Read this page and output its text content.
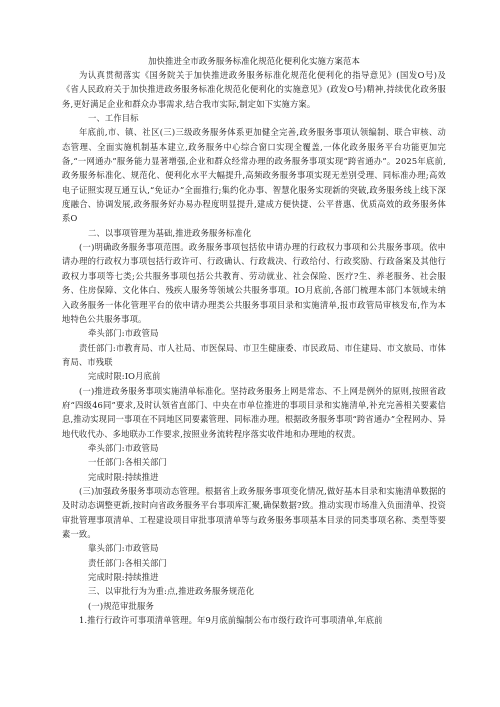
加快推进全市政务服务标准化规范化便利化实施方案范本

为认真贯彻落实《国务院关于加快推进政务服务标准化规范化便利化的指导意见》(国发O号)及《省人民政府关于加快推进政务服务标准化规范化便利化的实施意见》(政发O号)精神,持续优化政务服务,更好满足企业和群众办事需求,结合我市实际,制定如下实施方案。

一、工作目标

年底前,市、镇、社区(三)三级政务服务体系更加健全完善,政务服务事项认领编制、联合审核、动态管理、全面实施机制基本建立,政务服务中心综合窗口实现全覆盖,一体化政务服务平台功能更加完备,“一网通办”服务能力显著增强,企业和群众经常办理的政务服务事项实现“跨省通办”。2025年底前,政务服务标准化、规范化、便利化水平大幅提升,高频政务服务事项实现无差别受理、同标准办理;高效电子证照实现互通互认,“免证办”全面推行;集约化办事、智慧化服务实现新的突破,政务服务线上线下深度融合、协调发展,政务服务好办易办程度明显提升,建成方便快捷、公平普惠、优质高效的政务服务体系O

二、以事项管理为基础,推进政务服务标准化

(一)明确政务服务事项范围。政务服务事项包括依申请办理的行政权力事项和公共服务事项。依申请办理的行政权力事项包括行政许可、行政确认、行政裁决、行政给付、行政奖励、行政备案及其他行政权力事项等七类;公共服务事项包括公共教育、劳动就业、社会保险、医疗?生、养老服务、社会服务、住房保障、文化体白、残疾人服务等领域公共服务事项。IO月底前,各部门梳理本部门本领域未纳入政务服务一体化管理平台的依申请办理类公共服务事项目录和实施清单,报市政管局审核发布,作为本地特色公共服务事项。

牵头部门:市政管局

责任部门:市教育局、市人社局、市医保局、市卫生健康委、市民政局、市住建局、市文旅局、市体育局、市残联

完成时限:IO月底前

(一)推进政务服务事项实施清单标准化。坚持政务服务上网是常态、不上网是例外的原则,按照省政府“四级46同”要求,及时认领省直部门、中央在市单位推进的事项目录和实施清单,补充完善相关要素信息,推动实现同一事项在不同地区同要素管理、同标准办理。根据政务服务事项“跨省通办”全程网办、异地代收代办、多地联办工作要求,按照业务流转程序落实收件地和办理地的权责。

牵头部门:市政管局

一任部门:各相关部门

完成时限:持续推进

(三)加强政务服务事项动态管理。根据省上政务服务事项变化情况,做好基本目录和实施清单数据的及时动态调整更新,按时向省政务服务平台事项库汇聚,确保数据?致。推动实现市场准入负面清单、投资审批管理事项清单、工程建设项目审批事项清单等与政务服务事项基本目录的同类事项名称、类型等要素一致。

靠头部门:市政管局

责任部门:各相关部门

完成时限:持续推进

三、以审批行为为重:点,推进政务服务规范化

(一)规范审批服务

1.推行行政许可事项清单管理。年9月底前编制公布市级行政许可事项清单,年底前
